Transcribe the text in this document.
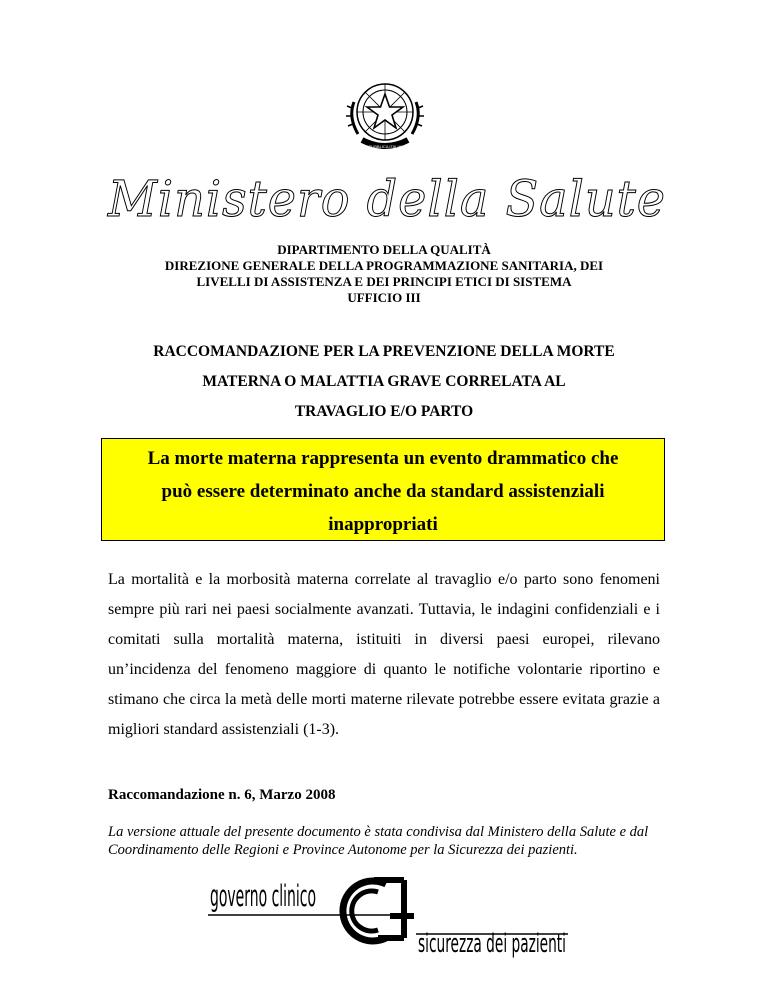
REPUBBLICA ITALIANA
Ministero della Salute
DIPARTIMENTO DELLA QUALITÀ
DIREZIONE GENERALE DELLA PROGRAMMAZIONE SANITARIA, DEI
LIVELLI DI ASSISTENZA E DEI PRINCIPI ETICI DI SISTEMA
UFFICIO III
RACCOMANDAZIONE PER LA PREVENZIONE DELLA MORTE
MATERNA O MALATTIA GRAVE CORRELATA AL
TRAVAGLIO E/O PARTO
La morte materna rappresenta un evento drammatico che
può essere determinato anche da standard assistenziali
inappropriati
La mortalità e la morbosità materna correlate al travaglio e/o parto sono fenomeni sempre più rari nei paesi socialmente avanzati. Tuttavia, le indagini confidenziali e i comitati sulla mortalità materna, istituiti in diversi paesi europei, rilevano un’incidenza del fenomeno maggiore di quanto le notifiche volontarie riportino e stimano che circa la metà delle morti materne rilevate potrebbe essere evitata grazie a migliori standard assistenziali (1-3).
Raccomandazione n. 6, Marzo 2008
La versione attuale del presente documento è stata condivisa dal Ministero della Salute e dal Coordinamento delle Regioni e Province Autonome per la Sicurezza dei pazienti.
governo clinico
sicurezza dei pazienti
